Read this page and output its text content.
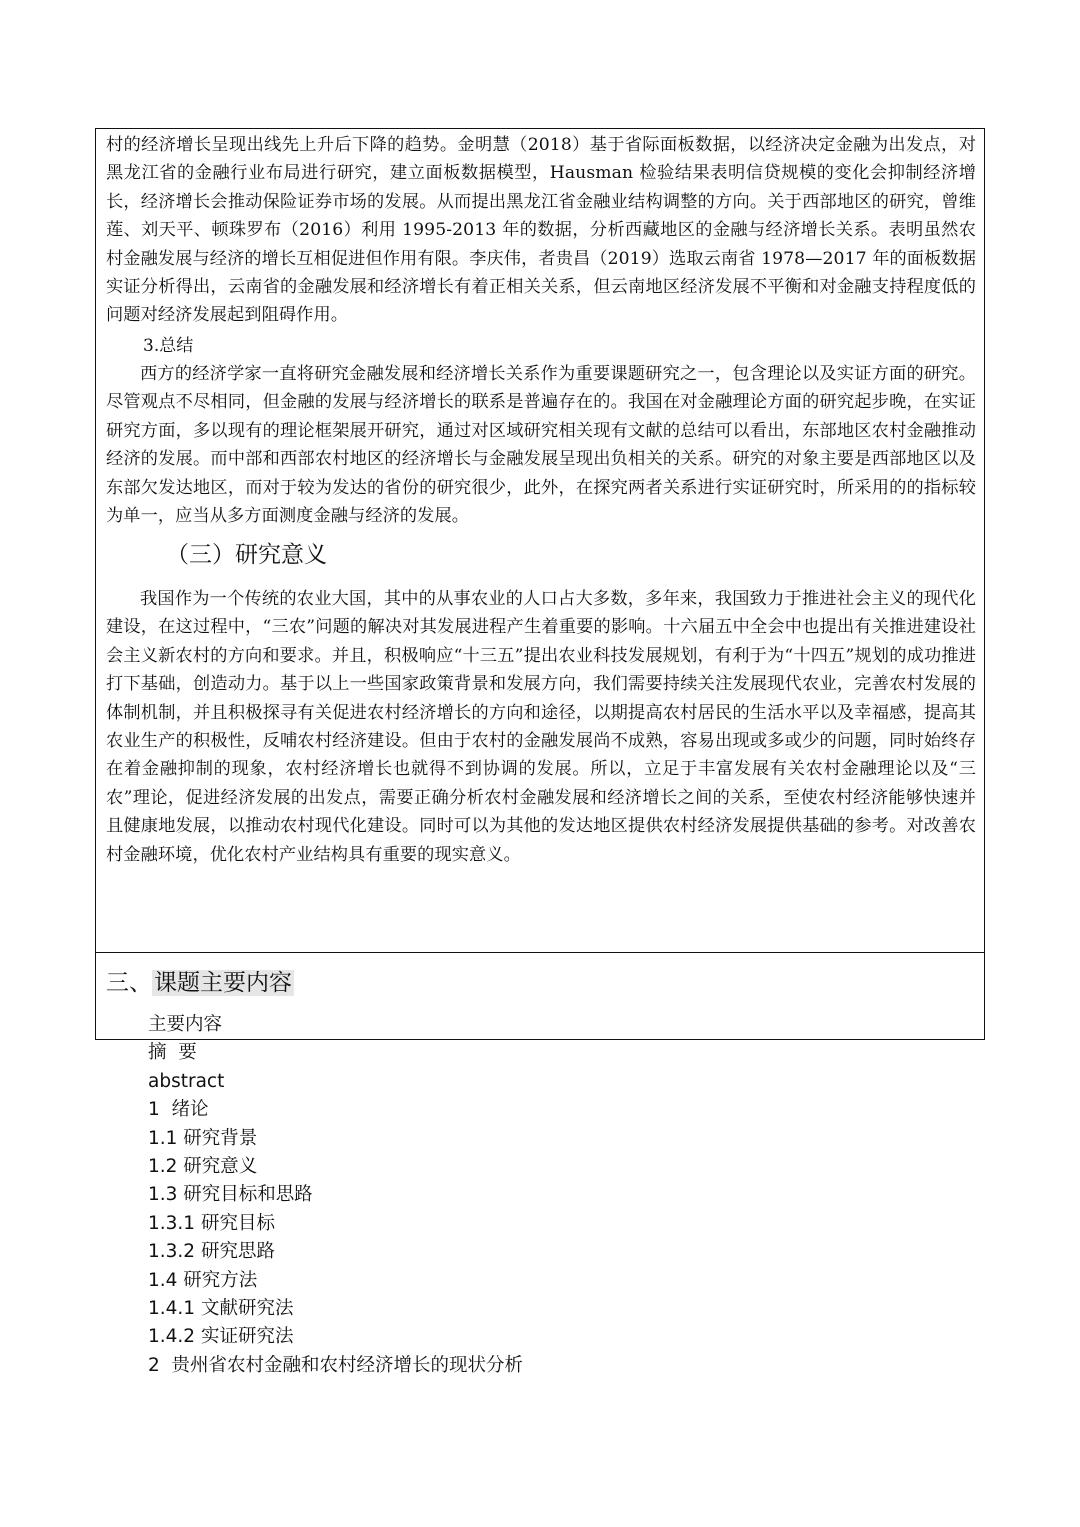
村的经济增长呈现出线先上升后下降的趋势。金明慧（2018）基于省际面板数据，以经济决定金融为出发点，对黑龙江省的金融行业布局进行研究，建立面板数据模型，Hausman 检验结果表明信贷规模的变化会抑制经济增长，经济增长会推动保险证券市场的发展。从而提出黑龙江省金融业结构调整的方向。关于西部地区的研究，曾维莲、刘天平、顿珠罗布（2016）利用 1995-2013 年的数据，分析西藏地区的金融与经济增长关系。表明虽然农村金融发展与经济的增长互相促进但作用有限。李庆伟，者贵昌（2019）选取云南省 1978—2017 年的面板数据实证分析得出，云南省的金融发展和经济增长有着正相关关系，但云南地区经济发展不平衡和对金融支持程度低的问题对经济发展起到阻碍作用。

3.总结

西方的经济学家一直将研究金融发展和经济增长关系作为重要课题研究之一，包含理论以及实证方面的研究。尽管观点不尽相同，但金融的发展与经济增长的联系是普遍存在的。我国在对金融理论方面的研究起步晚，在实证研究方面，多以现有的理论框架展开研究，通过对区域研究相关现有文献的总结可以看出，东部地区农村金融推动经济的发展。而中部和西部农村地区的经济增长与金融发展呈现出负相关的关系。研究的对象主要是西部地区以及东部欠发达地区，而对于较为发达的省份的研究很少，此外，在探究两者关系进行实证研究时，所采用的的指标较为单一，应当从多方面测度金融与经济的发展。

（三）研究意义

我国作为一个传统的农业大国，其中的从事农业的人口占大多数，多年来，我国致力于推进社会主义的现代化建设，在这过程中，“三农”问题的解决对其发展进程产生着重要的影响。十六届五中全会中也提出有关推进建设社会主义新农村的方向和要求。并且，积极响应“十三五”提出农业科技发展规划，有利于为“十四五”规划的成功推进打下基础，创造动力。基于以上一些国家政策背景和发展方向，我们需要持续关注发展现代农业，完善农村发展的体制机制，并且积极探寻有关促进农村经济增长的方向和途径，以期提高农村居民的生活水平以及幸福感，提高其农业生产的积极性，反哺农村经济建设。但由于农村的金融发展尚不成熟，容易出现或多或少的问题，同时始终存在着金融抑制的现象，农村经济增长也就得不到协调的发展。所以，立足于丰富发展有关农村金融理论以及“三农”理论，促进经济发展的出发点，需要正确分析农村金融发展和经济增长之间的关系，至使农村经济能够快速并且健康地发展，以推动农村现代化建设。同时可以为其他的发达地区提供农村经济发展提供基础的参考。对改善农村金融环境，优化农村产业结构具有重要的现实意义。

三、课题主要内容
主要内容
摘  要
abstract
1  绪论
1.1 研究背景
1.2 研究意义
1.3 研究目标和思路
1.3.1 研究目标
1.3.2 研究思路
1.4 研究方法
1.4.1 文献研究法
1.4.2 实证研究法
2  贵州省农村金融和农村经济增长的现状分析
